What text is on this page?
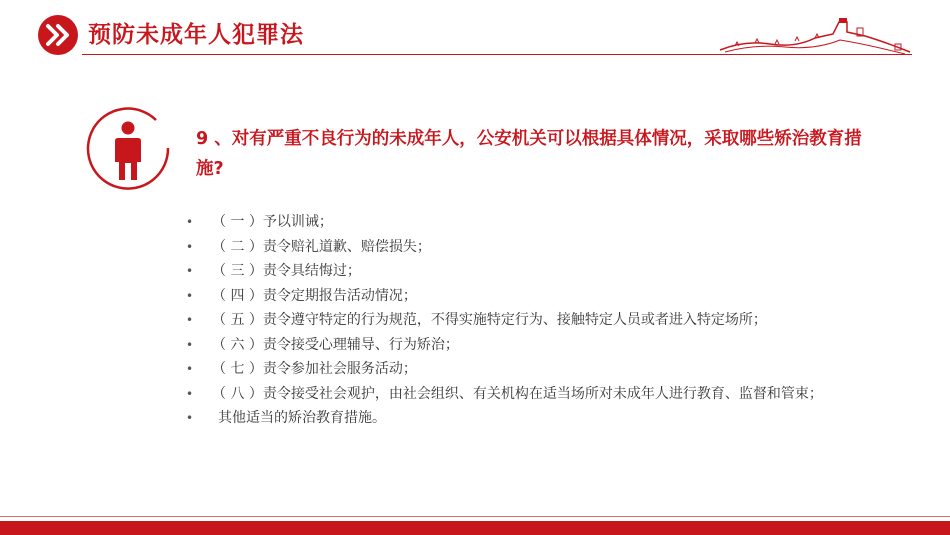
预防未成年人犯罪法
9 、对有严重不良行为的未成年人，公安机关可以根据具体情况，采取哪些矫治教育措施?
• （ 一 ）予以训诫；
• （ 二 ）责令赔礼道歉、赔偿损失；
• （ 三 ）责令具结悔过；
• （ 四 ）责令定期报告活动情况；
• （ 五 ）责令遵守特定的行为规范，不得实施特定行为、接触特定人员或者进入特定场所；
• （ 六 ）责令接受心理辅导、行为矫治；
• （ 七 ）责令参加社会服务活动；
• （ 八 ）责令接受社会观护，由社会组织、有关机构在适当场所对未成年人进行教育、监督和管束；
• 其他适当的矫治教育措施。
